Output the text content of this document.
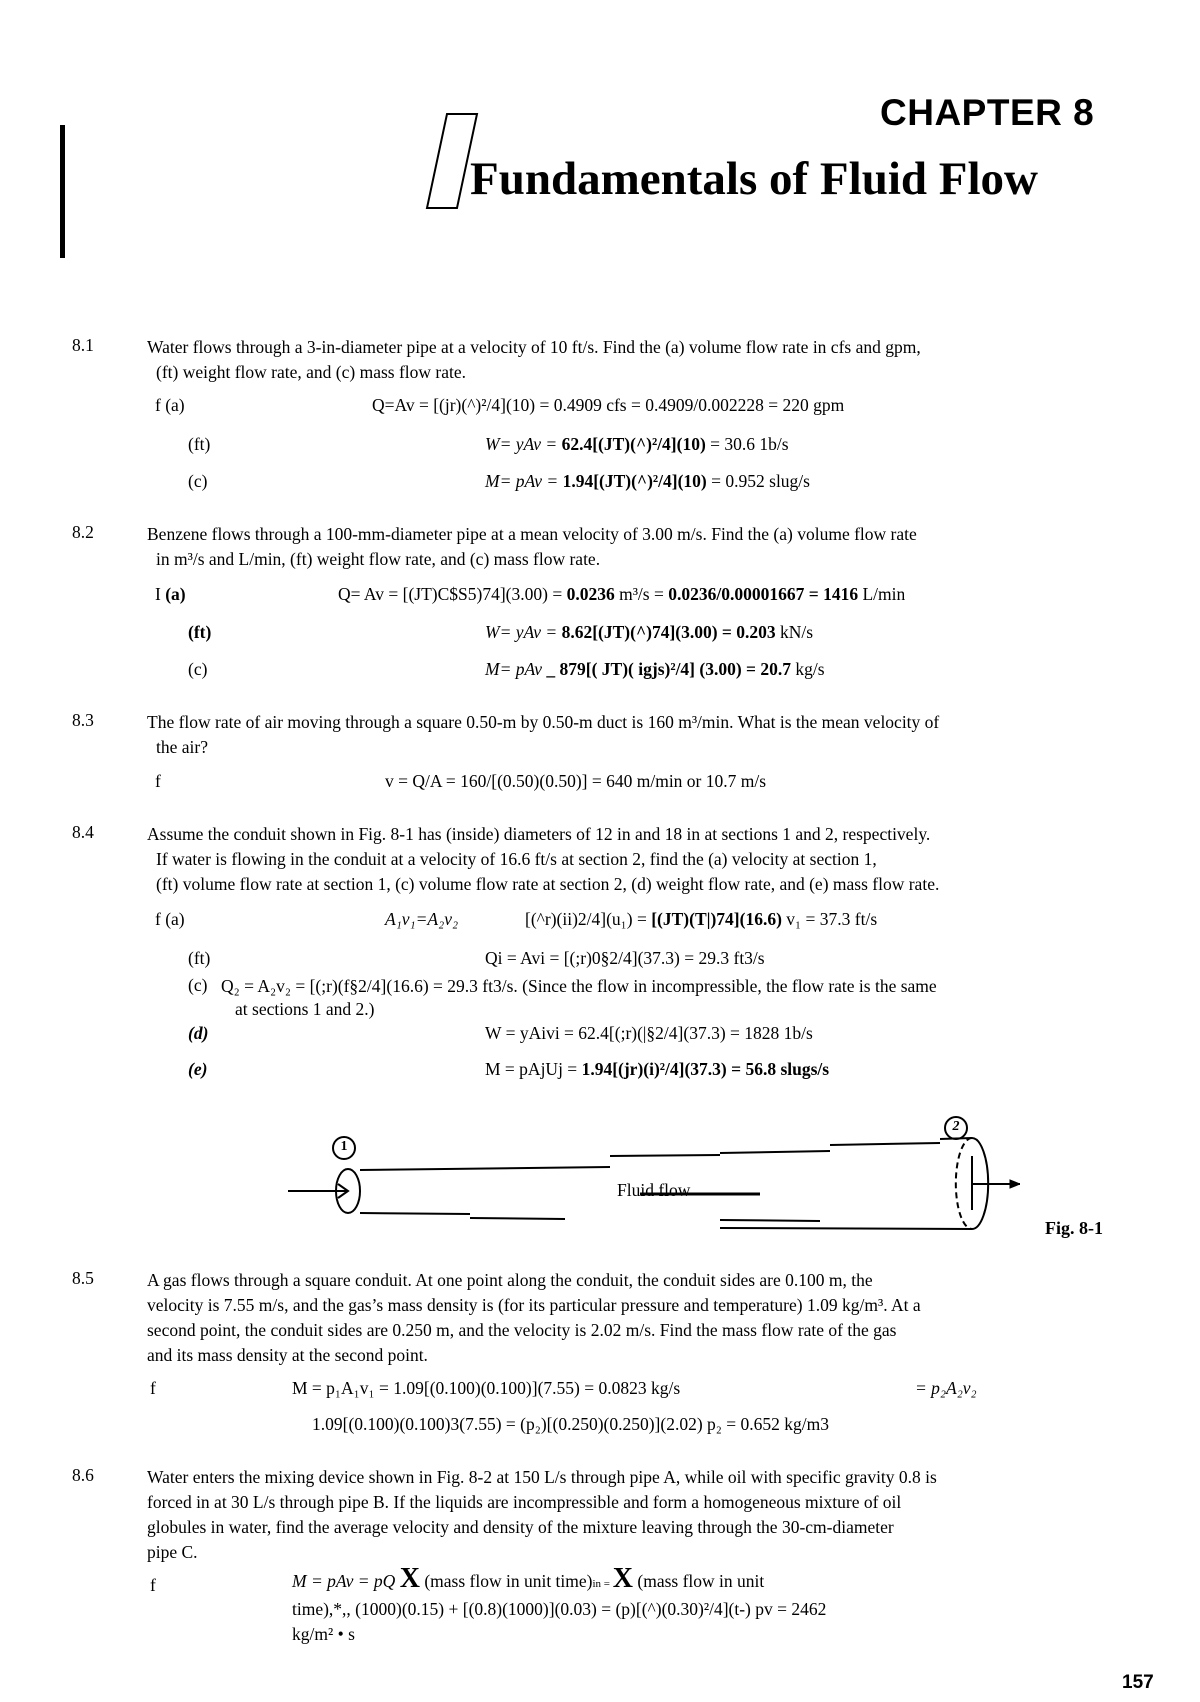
CHAPTER 8
Fundamentals of Fluid Flow
8.1	Water flows through a 3-in-diameter pipe at a velocity of 10 ft/s. Find the (a) volume flow rate in cfs and gpm,
(ft) weight flow rate, and (c) mass flow rate.
f (a)	Q=Av = [(jr)(^)²/4](10) = 0.4909 cfs = 0.4909/0.002228 = 220 gpm
(ft)	W= yAv = 62.4[(JT)(^)²/4](10) = 30.6 1b/s
(c)	M= pAv = 1.94[(JT)(^)²/4](10) = 0.952 slug/s
8.2	Benzene flows through a 100-mm-diameter pipe at a mean velocity of 3.00 m/s. Find the (a) volume flow rate
in m³/s and L/min, (ft) weight flow rate, and (c) mass flow rate.
I (a)	Q= Av = [(JT)C$S5)74](3.00) = 0.0236 m³/s = 0.0236/0.00001667 = 1416 L/min
(ft)	W= yAv = 8.62[(JT)(^)74](3.00) = 0.203 kN/s
(c)	M= pAv _ 879[( JT)( igjs)²/4] (3.00) = 20.7 kg/s
8.3	The flow rate of air moving through a square 0.50-m by 0.50-m duct is 160 m³/min. What is the mean velocity of
the air?
f	v = Q/A = 160/[(0.50)(0.50)] = 640 m/min or 10.7 m/s
8.4	Assume the conduit shown in Fig. 8-1 has (inside) diameters of 12 in and 18 in at sections 1 and 2, respectively.
If water is flowing in the conduit at a velocity of 16.6 ft/s at section 2, find the (a) velocity at section 1,
(ft) volume flow rate at section 1, (c) volume flow rate at section 2, (d) weight flow rate, and (e) mass flow rate.
f (a)	A₁v₁=A₂v₂	[(^r)(ii)2/4](u₁) = [(JT)(T|)74](16.6) v₁ = 37.3 ft/s
(ft)	Qi = Avi = [(;r)0§2/4](37.3) = 29.3 ft3/s
(c) Q₂ = A₂v₂ = [(;r)(f§2/4](16.6) = 29.3 ft3/s. (Since the flow in incompressible, the flow rate is the same
at sections 1 and 2.)
(d)	W = yAivi = 62.4[(;r)(|§2/4](37.3) = 1828 1b/s
(e)	M = pAjUj = 1.94[(jr)(i)²/4](37.3) = 56.8 slugs/s
1
2
Fluid flow
Fig. 8-1
8.5	A gas flows through a square conduit. At one point along the conduit, the conduit sides are 0.100 m, the
velocity is 7.55 m/s, and the gas’s mass density is (for its particular pressure and temperature) 1.09 kg/m³. At a
second point, the conduit sides are 0.250 m, and the velocity is 2.02 m/s. Find the mass flow rate of the gas
and its mass density at the second point.
f	M = p₁A₁v₁ = 1.09[(0.100)(0.100)](7.55) = 0.0823 kg/s	= p₂A₂v₂
1.09[(0.100)(0.100)3(7.55) = (p₂)[(0.250)(0.250)](2.02) p₂ = 0.652 kg/m3
8.6	Water enters the mixing device shown in Fig. 8-2 at 150 L/s through pipe A, while oil with specific gravity 0.8 is
forced in at 30 L/s through pipe B. If the liquids are incompressible and form a homogeneous mixture of oil
globules in water, find the average velocity and density of the mixture leaving through the 30-cm-diameter
pipe C.
f	M = pAv = pQ X (mass flow in unit time)in = X (mass flow in unit
time),*,, (1000)(0.15) + [(0.8)(1000)](0.03) = (p)[(^)(0.30)²/4](t-) pv = 2462
kg/m² • s
157
